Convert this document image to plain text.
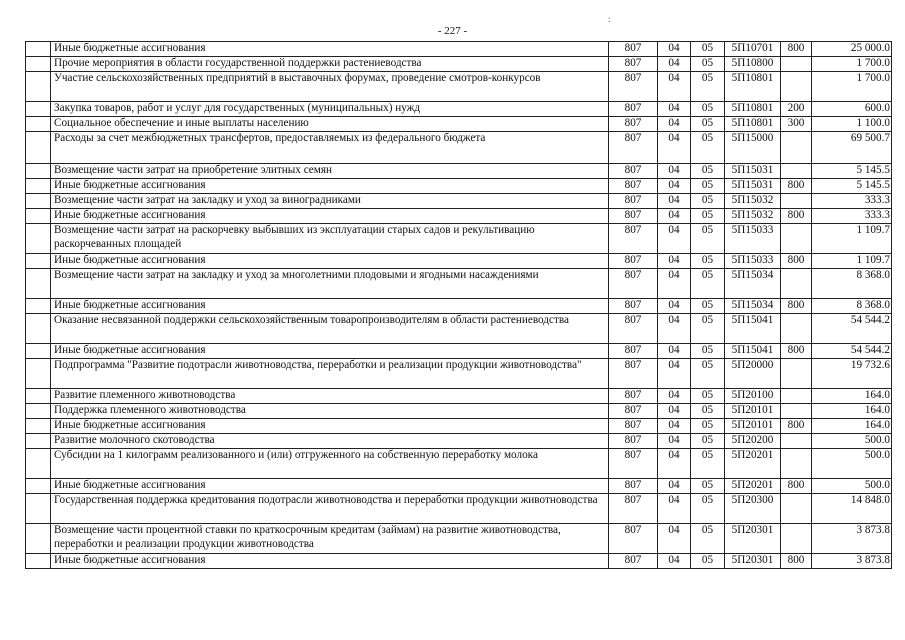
- 227 -
:
	Иные бюджетные ассигнования	807	04	05	5П10701	800	25 000.0
	Прочие мероприятия в области государственной поддержки растениеводства	807	04	05	5П10800		1 700.0
	Участие сельскохозяйственных предприятий в выставочных форумах, проведение смотров-конкурсов	807	04	05	5П10801		1 700.0
	Закупка товаров, работ и услуг для государственных (муниципальных) нужд	807	04	05	5П10801	200	600.0
	Социальное обеспечение и иные выплаты населению	807	04	05	5П10801	300	1 100.0
	Расходы за счет межбюджетных трансфертов, предоставляемых из федерального бюджета	807	04	05	5П15000		69 500.7
	Возмещение части затрат на приобретение элитных семян	807	04	05	5П15031		5 145.5
	Иные бюджетные ассигнования	807	04	05	5П15031	800	5 145.5
	Возмещение части затрат на закладку и уход за виноградниками	807	04	05	5П15032		333.3
	Иные бюджетные ассигнования	807	04	05	5П15032	800	333.3
	Возмещение части затрат на раскорчевку выбывших из эксплуатации старых садов и рекультивацию раскорчеванных площадей	807	04	05	5П15033		1 109.7
	Иные бюджетные ассигнования	807	04	05	5П15033	800	1 109.7
	Возмещение части затрат на закладку и уход за многолетними плодовыми и ягодными насаждениями	807	04	05	5П15034		8 368.0
	Иные бюджетные ассигнования	807	04	05	5П15034	800	8 368.0
	Оказание несвязанной поддержки сельскохозяйственным товаропроизводителям в области растениеводства	807	04	05	5П15041		54 544.2
	Иные бюджетные ассигнования	807	04	05	5П15041	800	54 544.2
	Подпрограмма "Развитие подотрасли животноводства, переработки и реализации продукции животноводства"	807	04	05	5П20000		19 732.6
	Развитие племенного животноводства	807	04	05	5П20100		164.0
	Поддержка племенного животноводства	807	04	05	5П20101		164.0
	Иные бюджетные ассигнования	807	04	05	5П20101	800	164.0
	Развитие молочного скотоводства	807	04	05	5П20200		500.0
	Субсидии на 1 килограмм реализованного и (или) отгруженного на собственную переработку молока	807	04	05	5П20201		500.0
	Иные бюджетные ассигнования	807	04	05	5П20201	800	500.0
	Государственная поддержка кредитования подотрасли животноводства и переработки продукции животноводства	807	04	05	5П20300		14 848.0
	Возмещение части процентной ставки по краткосрочным кредитам (займам) на развитие животноводства, переработки и реализации продукции животноводства	807	04	05	5П20301		3 873.8
	Иные бюджетные ассигнования	807	04	05	5П20301	800	3 873.8
